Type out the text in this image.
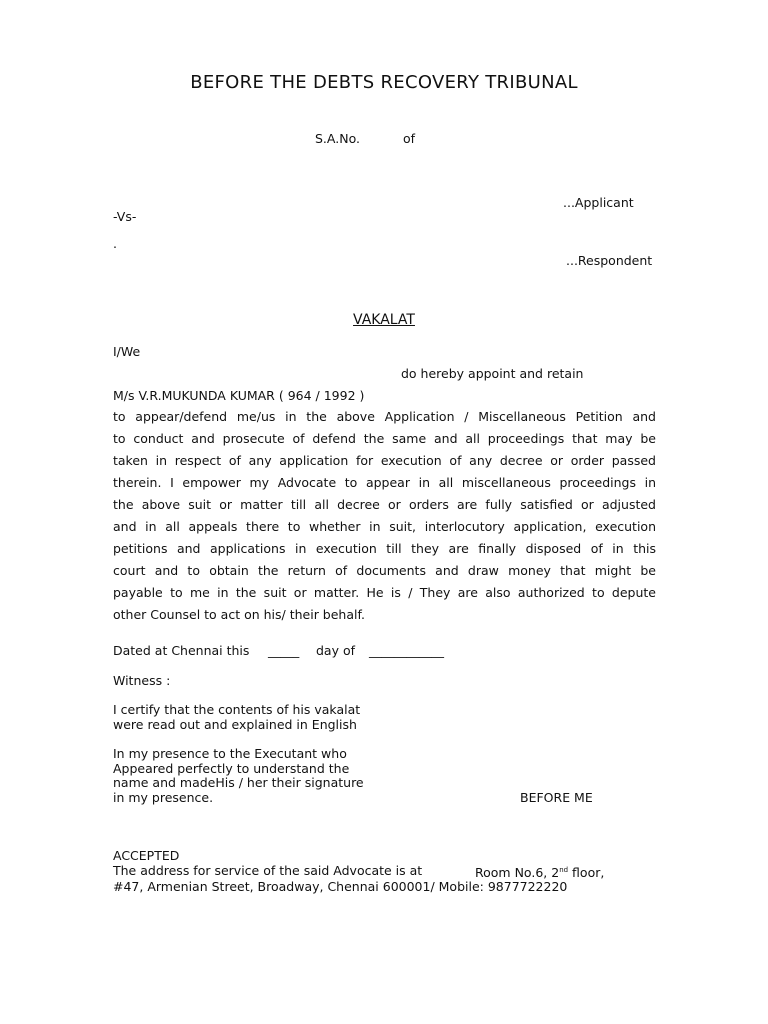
BEFORE THE DEBTS RECOVERY TRIBUNAL
S.A.No.	of
...Applicant
-Vs-
.
...Respondent
VAKALAT
I/We
do hereby appoint and retain
M/s V.R.MUKUNDA KUMAR ( 964 / 1992 )
to appear/defend me/us in the above Application / Miscellaneous Petition and
to conduct and prosecute of defend the same and all proceedings that may be
taken in respect of any application for execution of any decree or order passed
therein. I empower my Advocate to appear in all miscellaneous proceedings in
the above suit or matter till all decree or orders are fully satisfied or adjusted
and in all appeals there to whether in suit, interlocutory application, execution
petitions and applications in execution till they are finally disposed of in this
court and to obtain the return of documents and draw money that might be
payable to me in the suit or matter. He is / They are also authorized to depute
other Counsel to act on his/ their behalf.
Dated at Chennai this _____ day of ____________
Witness :
I certify that the contents of his vakalat
were read out and explained in English
In my presence to the Executant who
Appeared perfectly to understand the
name and madeHis / her their signature
in my presence.	BEFORE ME
ACCEPTED
The address for service of the said Advocate is at	Room No.6, 2nd floor,
#47, Armenian Street, Broadway, Chennai 600001/ Mobile: 9877722220
